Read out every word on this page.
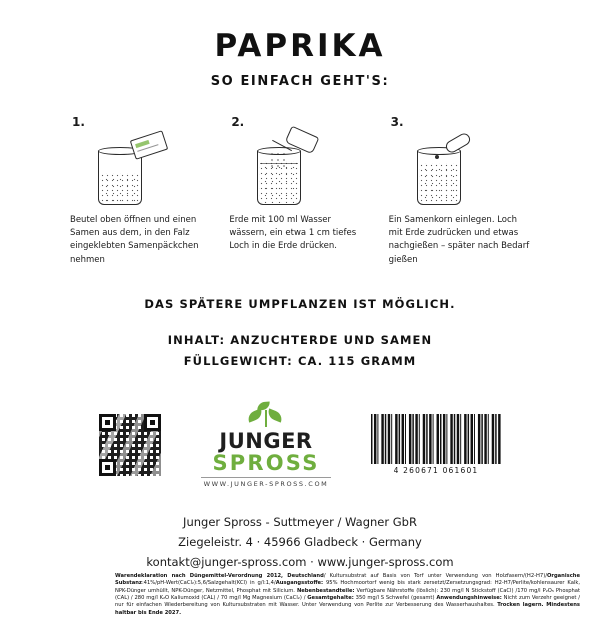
PAPRIKA
SO EINFACH GEHT'S:
1.
Beutel oben öffnen und einen Samen aus dem, in den Falz eingeklebten Samenpäckchen nehmen
2.
Erde mit 100 ml Wasser wässern, ein etwa 1 cm tiefes Loch in die Erde drücken.
3.
Ein Samenkorn einlegen. Loch mit Erde zudrücken und etwas nachgießen – später nach Bedarf gießen
DAS SPÄTERE UMPFLANZEN IST MÖGLICH.
INHALT: ANZUCHTERDE UND SAMEN
FÜLLGEWICHT: CA. 115 GRAMM
JUNGER
SPROSS
WWW.JUNGER-SPROSS.COM
4 260671 061601
Junger Spross - Suttmeyer / Wagner GbR
Ziegeleistr. 4 · 45966 Gladbeck · Germany
kontakt@junger-spross.com · www.junger-spross.com

Warendeklaration nach Düngemittel-Verordnung 2012, Deutschland/ Kultursubstrat auf Basis von Torf unter Verwendung von Holzfasern/(H2-H7)/Organische Substanz:41%/pH-Wert(CaCl₂):5,6/Salzgehalt(KCl) in g/l:1,4/Ausgangsstoffe: 95% Hochmoortorf wenig bis stark zersetzt/Zersetzungsgrad: H2-H7/Perlite/kohlensaurer Kalk, NPK-Dünger umhüllt, NPK-Dünger, Netzmittel, Phosphat mit Silicium. Nebenbestandteile: Verfügbare Nährstoffe (löslich): 230 mg/l N Stickstoff (CaCl) /170 mg/l P₂O₅ Phosphat (CAL) / 280 mg/l K₂O Kaliumoxid (CAL) / 70 mg/l Mg Magnesium (CaCl₂) / Gesamtgehalte: 350 mg/l S Schwefel (gesamt) Anwendungshinweise: Nicht zum Verzehr geeignet / nur für einfachen Wiederbereitung von Kultursubstraten mit Wasser. Unter Verwendung von Perlite zur Verbesserung des Wasserhaushaltes. Trocken lagern. Mindestens haltbar bis Ende 2027.
